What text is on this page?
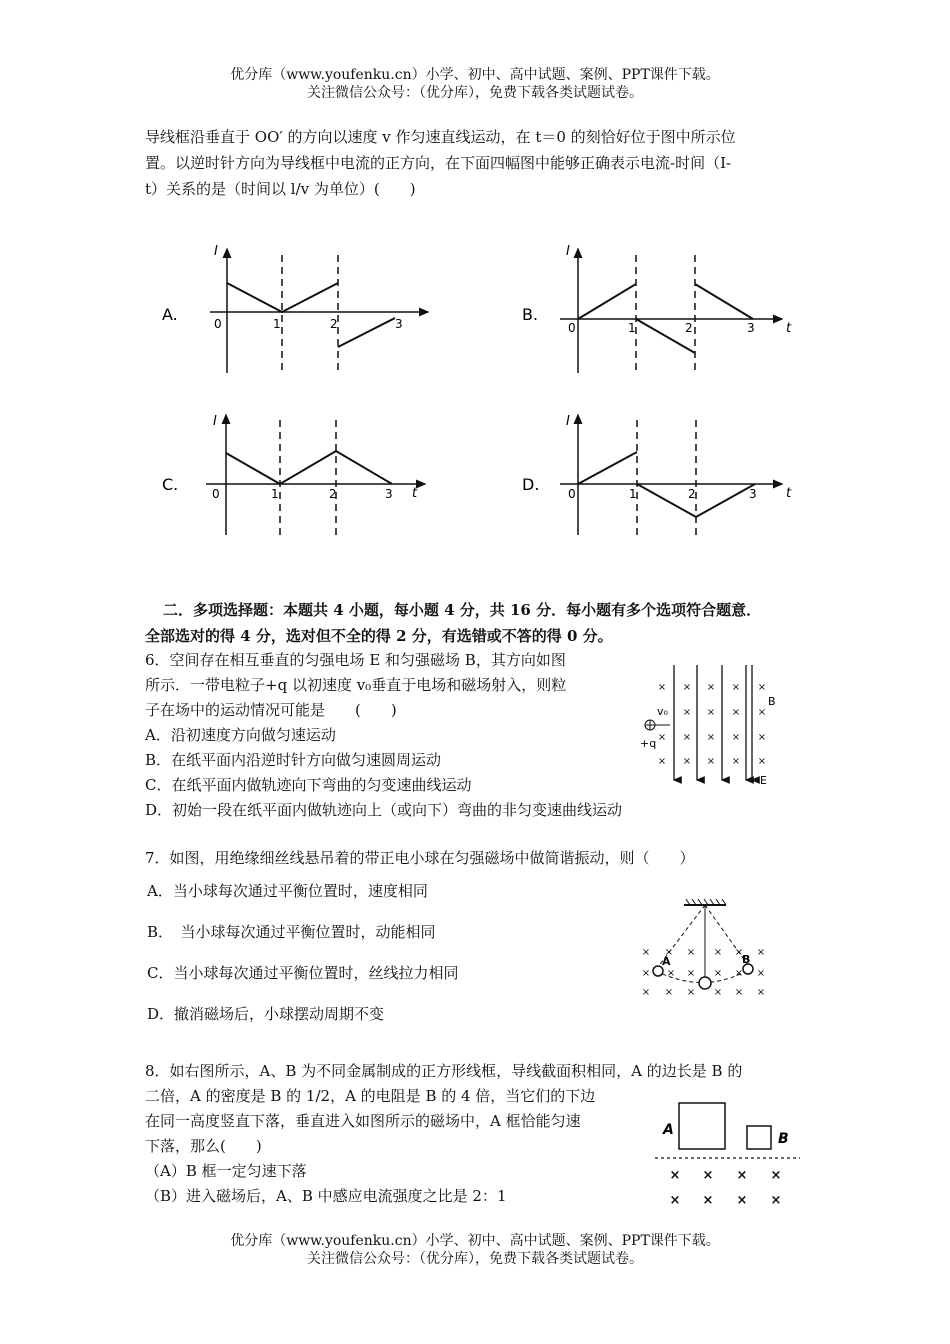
优分库（www.youfenku.cn）小学、初中、高中试题、案例、PPT课件下载。
关注微信公众号：（优分库），免费下载各类试题试卷。
导线框沿垂直于 OO′ 的方向以速度 v 作匀速直线运动，在 t＝0 的刻恰好位于图中所示位
置。以逆时针方向为导线框中电流的正方向，在下面四幅图中能够正确表示电流-时间（I-
t）关系的是（时间以 l/v 为单位）(　　)
A.
I
0	1	2	3	B.
I
t
0	1	2	3
C.
I
t
0	1	2	3	D.
I
t
0	1	2	3
二．多项选择题：本题共 4 小题，每小题 4 分，共 16 分．每小题有多个选项符合题意．
全部选对的得 4 分，选对但不全的得 2 分，有选错或不答的得 0 分。
6．空间存在相互垂直的匀强电场 E 和匀强磁场 B，其方向如图
所示．一带电粒子+q 以初速度 v₀垂直于电场和磁场射入，则粒
子在场中的运动情况可能是　　(　　)
A．沿初速度方向做匀速运动
B．在纸平面内沿逆时针方向做匀速圆周运动
C．在纸平面内做轨迹向下弯曲的匀变速曲线运动
D．初始一段在纸平面内做轨迹向上（或向下）弯曲的非匀变速曲线运动
× × × × ×
× × × ×
× × × × ×
× × × × ×
v₀
+q
B
E
7．如图，用绝缘细丝线悬吊着的带正电小球在匀强磁场中做简谐振动，则（　　）
A．当小球每次通过平衡位置时，速度相同
B．　当小球每次通过平衡位置时，动能相同
C．当小球每次通过平衡位置时，丝线拉力相同
D．撤消磁场后，小球摆动周期不变
A	B
× × × × × ×
× × × × × ×
× × × × × ×
8．如右图所示，A、B 为不同金属制成的正方形线框，导线截面积相同，A 的边长是 B 的
二倍，A 的密度是 B 的 1/2，A 的电阻是 B 的 4 倍，当它们的下边
在同一高度竖直下落，垂直进入如图所示的磁场中，A 框恰能匀速
下落，那么(　　)
（A）B 框一定匀速下落
（B）进入磁场后，A、B 中感应电流强度之比是 2：1
A
B
× × × ×
× × × ×
优分库（www.youfenku.cn）小学、初中、高中试题、案例、PPT课件下载。
关注微信公众号：（优分库），免费下载各类试题试卷。
